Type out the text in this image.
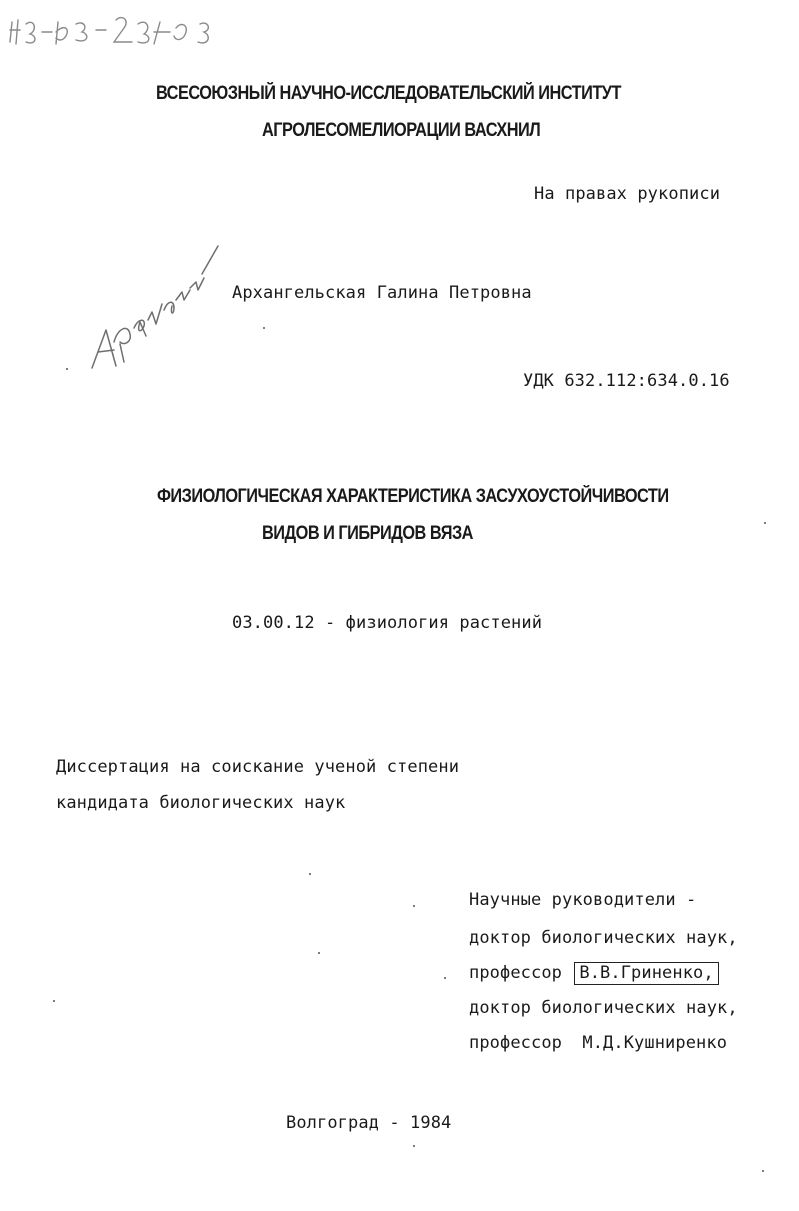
ВСЕСОЮЗНЫЙ НАУЧНО-ИССЛЕДОВАТЕЛЬСКИЙ ИНСТИТУТ
АГРОЛЕСОМЕЛИОРАЦИИ ВАСХНИЛ
На правах рукописи
Архангельская Галина Петровна
УДК 632.112:634.0.16
ФИЗИОЛОГИЧЕСКАЯ ХАРАКТЕРИСТИКА ЗАСУХОУСТОЙЧИВОСТИ
ВИДОВ И ГИБРИДОВ ВЯЗА
03.00.12 - физиология растений
Диссертация на соискание ученой степени
кандидата биологических наук
Научные руководители -
доктор биологических наук,
профессор В.В.Гриненко,
доктор биологических наук,
профессор М.Д.Кушниренко
Волгоград - 1984
